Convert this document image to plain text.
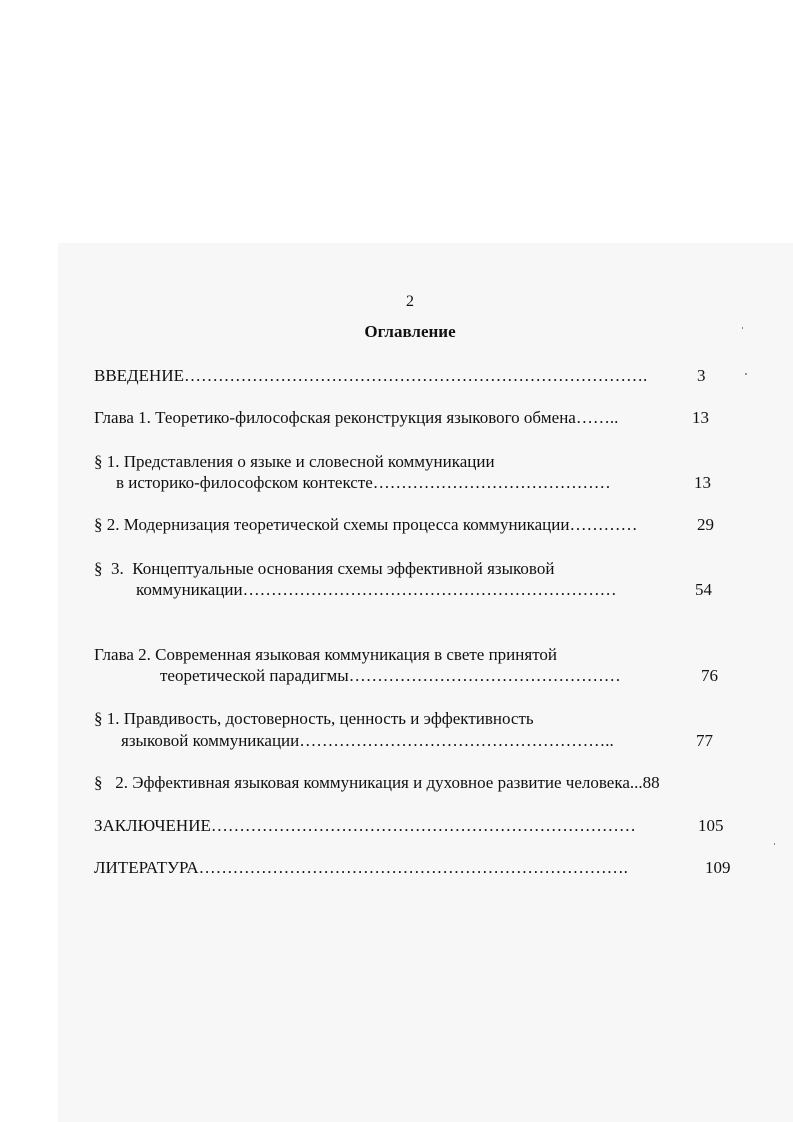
2
Оглавление
ВВЕДЕНИЕ……………………………………………………………………….	3
Глава 1. Теоретико-философская реконструкция языкового обмена……..	13
§ 1. Представления о языке и словесной коммуникации
в историко-философском контексте……………………………………	13
§ 2. Модернизация теоретической схемы процесса коммуникации…………	29
§  3.  Концептуальные основания схемы эффективной языковой
коммуникации…………………………………………………………	54
Глава 2. Современная языковая коммуникация в свете принятой
теоретической парадигмы…………………………………………	76
§ 1. Правдивость, достоверность, ценность и эффективность
языковой коммуникации………………………………………………..	77
§   2. Эффективная языковая коммуникация и духовное развитие человека...88
ЗАКЛЮЧЕНИЕ…………………………………………………………………	105
ЛИТЕРАТУРА………………………………………………………………….	109
